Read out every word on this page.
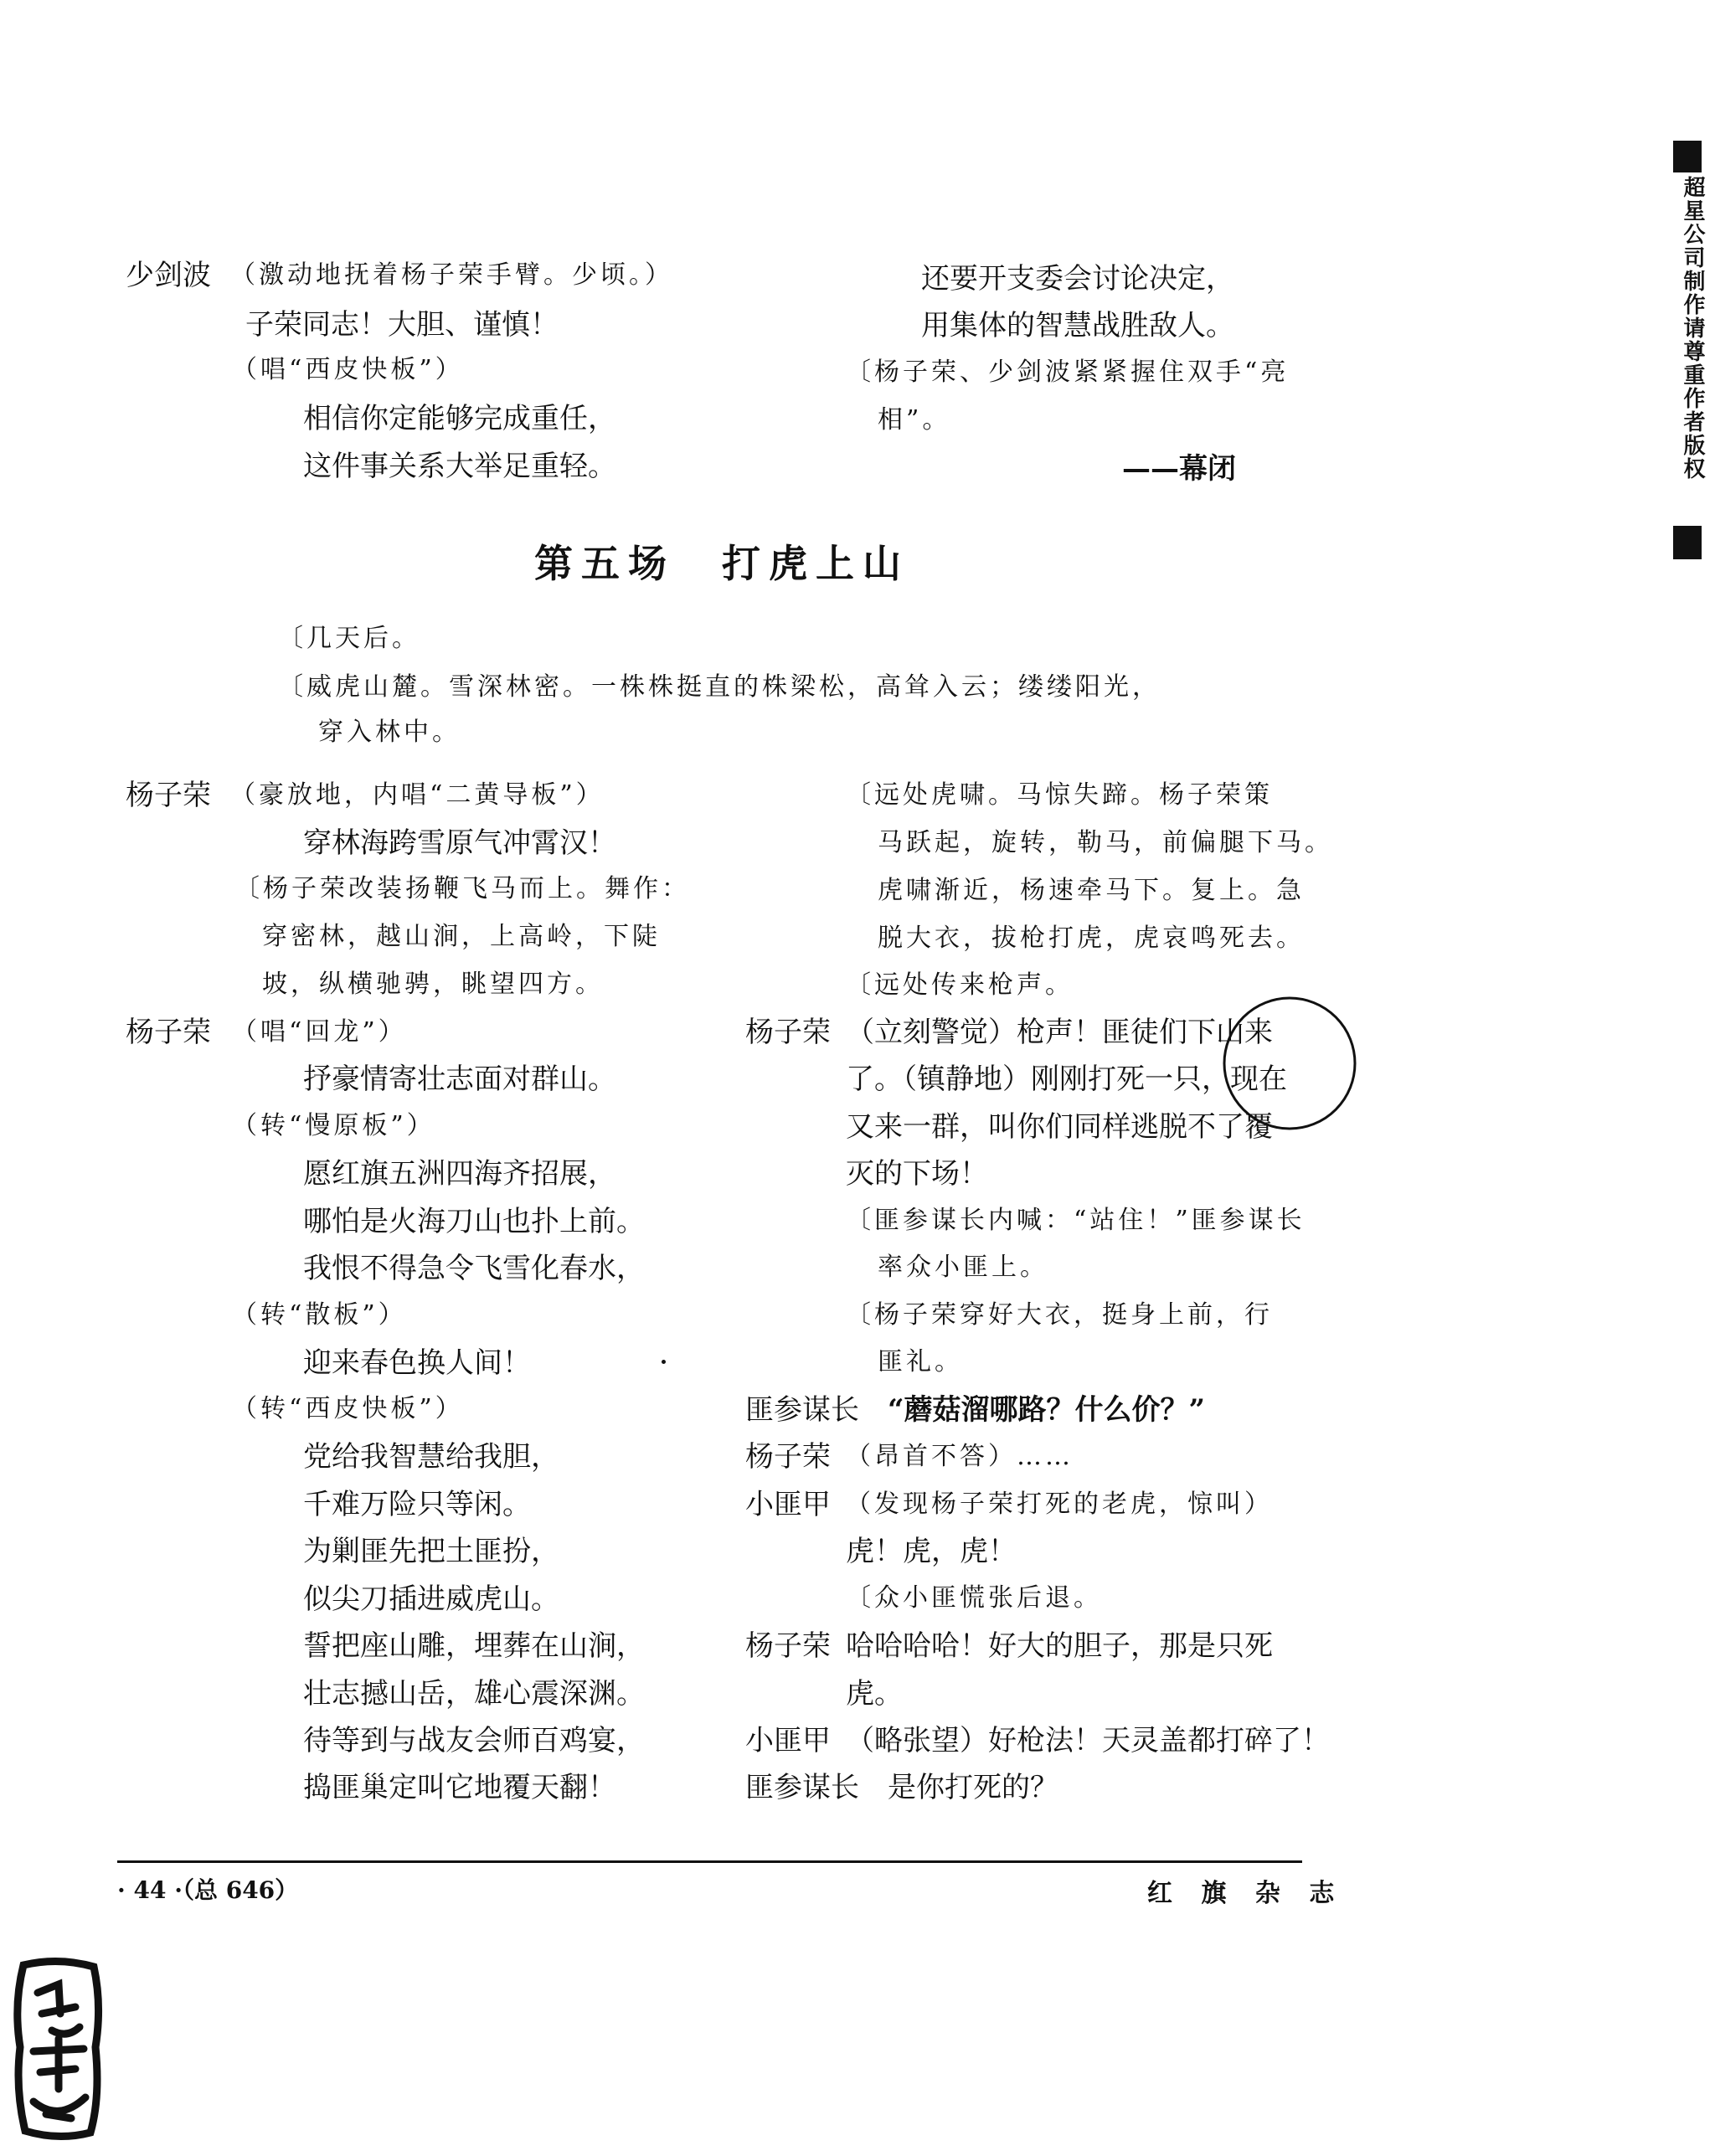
超星公司制作请尊重作者版权
少剑波 （激动地抚着杨子荣手臂。少顷。）
子荣同志！大胆、谨慎！
（唱“西皮快板”）
相信你定能够完成重任，
这件事关系大举足重轻。
还要开支委会讨论决定，
用集体的智慧战胜敌人。
〔杨子荣、少剑波紧紧握住双手“亮
相”。
——幕闭
第五场　打虎上山
〔几天后。
〔威虎山麓。雪深林密。一株株挺直的株梁松，高耸入云；缕缕阳光，
穿入林中。
杨子荣 （豪放地，内唱“二黄导板”）
穿林海跨雪原气冲霄汉！
〔杨子荣改装扬鞭飞马而上。舞作：
穿密林，越山涧，上高岭，下陡
坡，纵横驰骋，眺望四方。
杨子荣 （唱“回龙”）
抒豪情寄壮志面对群山。
（转“慢原板”）
愿红旗五洲四海齐招展，
哪怕是火海刀山也扑上前。
我恨不得急令飞雪化春水，
（转“散板”）
迎来春色换人间！
（转“西皮快板”）
党给我智慧给我胆，
千难万险只等闲。
为剿匪先把土匪扮，
似尖刀插进威虎山。
誓把座山雕，埋葬在山涧，
壮志撼山岳，雄心震深渊。
待等到与战友会师百鸡宴，
捣匪巢定叫它地覆天翻！
〔远处虎啸。马惊失蹄。杨子荣策
马跃起，旋转，勒马，前偏腿下马。
虎啸渐近，杨速牵马下。复上。急
脱大衣，拔枪打虎，虎哀鸣死去。
〔远处传来枪声。
杨子荣 （立刻警觉）枪声！匪徒们下山来
了。（镇静地）刚刚打死一只，现在
又来一群，叫你们同样逃脱不了覆
灭的下场！
〔匪参谋长内喊：“站住！”匪参谋长
率众小匪上。
〔杨子荣穿好大衣，挺身上前，行
匪礼。
匪参谋长 “蘑菇溜哪路？什么价？”
杨子荣 （昂首不答）……
小匪甲 （发现杨子荣打死的老虎，惊叫）
虎！虎，虎！
〔众小匪慌张后退。
杨子荣 哈哈哈哈！好大的胆子，那是只死
虎。
小匪甲 （略张望）好枪法！天灵盖都打碎了！
匪参谋长 是你打死的？
· 44 ·（总 646）	红 旗 杂 志
